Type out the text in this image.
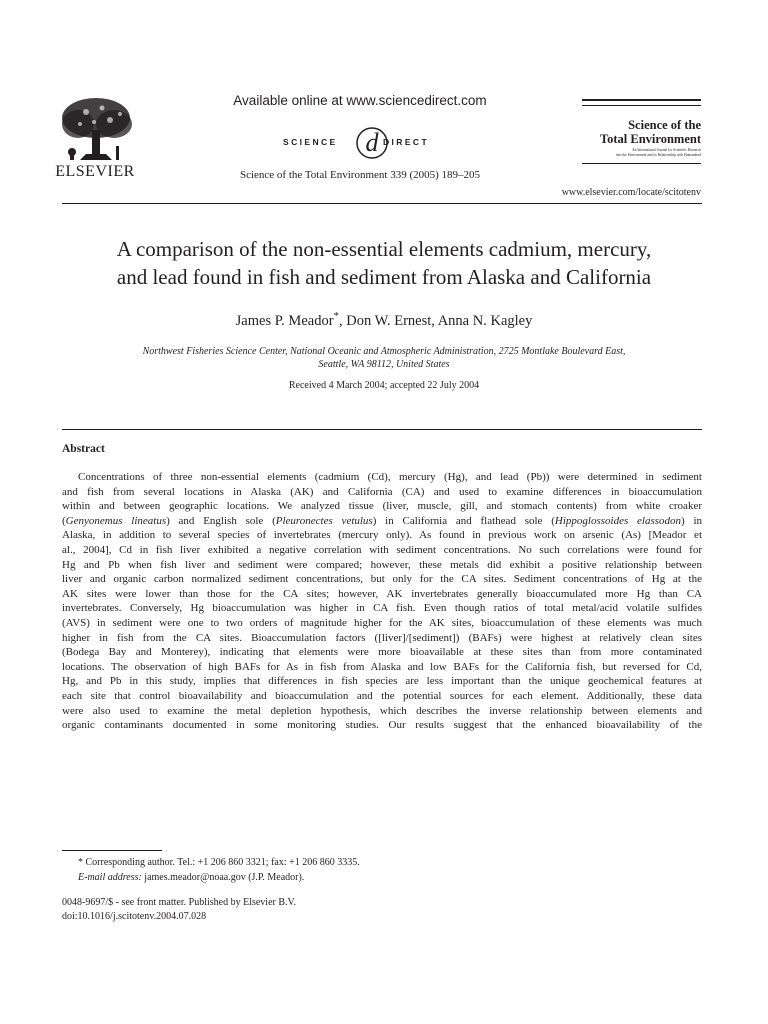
ELSEVIER
Available online at www.sciencedirect.com
d
SCIENCE	DIRECT
Science of the Total Environment 339 (2005) 189–205
Science of the
Total Environment
An International Journal for Scientific Research
into the Environment and its Relationship with Humankind
www.elsevier.com/locate/scitotenv
A comparison of the non-essential elements cadmium, mercury,
and lead found in fish and sediment from Alaska and California
James P. Meador*, Don W. Ernest, Anna N. Kagley
Northwest Fisheries Science Center, National Oceanic and Atmospheric Administration, 2725 Montlake Boulevard East,
Seattle, WA 98112, United States
Received 4 March 2004; accepted 22 July 2004
Abstract
Concentrations of three non-essential elements (cadmium (Cd), mercury (Hg), and lead (Pb)) were determined in sediment
and fish from several locations in Alaska (AK) and California (CA) and used to examine differences in bioaccumulation
within and between geographic locations. We analyzed tissue (liver, muscle, gill, and stomach contents) from white croaker
(Genyonemus lineatus) and English sole (Pleuronectes vetulus) in California and flathead sole (Hippoglossoides elassodon) in
Alaska, in addition to several species of invertebrates (mercury only). As found in previous work on arsenic (As) [Meador et
al., 2004], Cd in fish liver exhibited a negative correlation with sediment concentrations. No such correlations were found for
Hg and Pb when fish liver and sediment were compared; however, these metals did exhibit a positive relationship between
liver and organic carbon normalized sediment concentrations, but only for the CA sites. Sediment concentrations of Hg at the
AK sites were lower than those for the CA sites; however, AK invertebrates generally bioaccumulated more Hg than CA
invertebrates. Conversely, Hg bioaccumulation was higher in CA fish. Even though ratios of total metal/acid volatile sulfides
(AVS) in sediment were one to two orders of magnitude higher for the AK sites, bioaccumulation of these elements was much
higher in fish from the CA sites. Bioaccumulation factors ([liver]/[sediment]) (BAFs) were highest at relatively clean sites
(Bodega Bay and Monterey), indicating that elements were more bioavailable at these sites than from more contaminated
locations. The observation of high BAFs for As in fish from Alaska and low BAFs for the California fish, but reversed for Cd,
Hg, and Pb in this study, implies that differences in fish species are less important than the unique geochemical features at
each site that control bioavailability and bioaccumulation and the potential sources for each element. Additionally, these data
were also used to examine the metal depletion hypothesis, which describes the inverse relationship between elements and
organic contaminants documented in some monitoring studies. Our results suggest that the enhanced bioavailability of the
* Corresponding author. Tel.: +1 206 860 3321; fax: +1 206 860 3335.
E-mail address: james.meador@noaa.gov (J.P. Meador).
0048-9697/$ - see front matter. Published by Elsevier B.V.
doi:10.1016/j.scitotenv.2004.07.028
